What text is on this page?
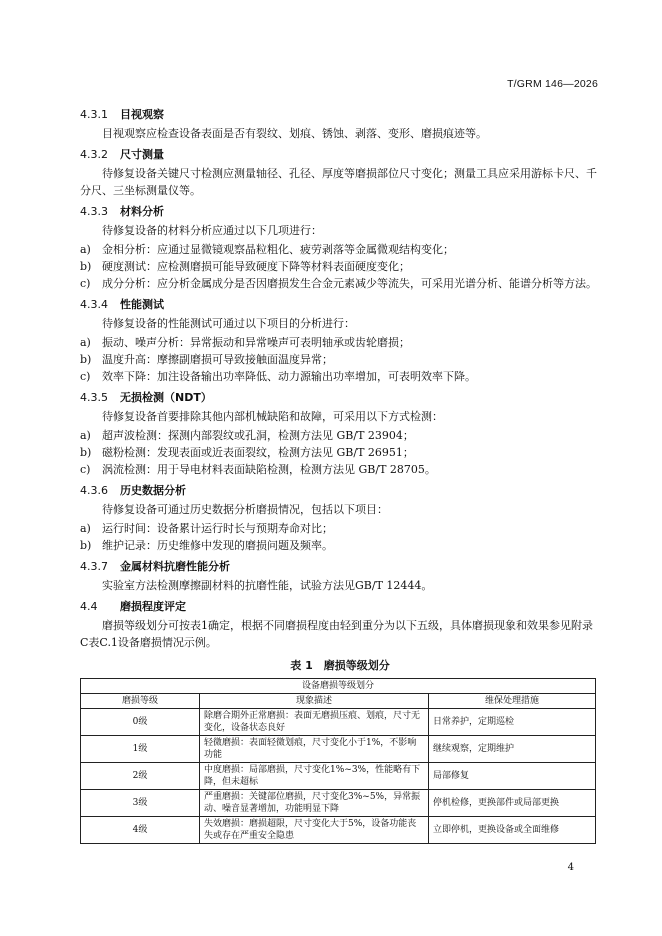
T/GRM 146—2026
4.3.1 目视观察
目视观察应检查设备表面是否有裂纹、划痕、锈蚀、剥落、变形、磨损痕迹等。
4.3.2 尺寸测量
待修复设备关键尺寸检测应测量轴径、孔径、厚度等磨损部位尺寸变化；测量工具应采用游标卡尺、千分尺、三坐标测量仪等。
4.3.3 材料分析
待修复设备的材料分析应通过以下几项进行：
a)	金相分析：应通过显微镜观察晶粒粗化、疲劳剥落等金属微观结构变化；
b) 硬度测试：应检测磨损可能导致硬度下降等材料表面硬度变化；
c)	成分分析：应分析金属成分是否因磨损发生合金元素减少等流失，可采用光谱分析、能谱分析等方法。
4.3.4 性能测试
待修复设备的性能测试可通过以下项目的分析进行：
a)	振动、噪声分析：异常振动和异常噪声可表明轴承或齿轮磨损；
b) 温度升高：摩擦副磨损可导致接触面温度异常；
c)	效率下降：加注设备输出功率降低、动力源输出功率增加，可表明效率下降。
4.3.5 无损检测（NDT）
待修复设备首要排除其他内部机械缺陷和故障，可采用以下方式检测：
a)	超声波检测：探测内部裂纹或孔洞，检测方法见 GB/T 23904；
b) 磁粉检测：发现表面或近表面裂纹，检测方法见 GB/T 26951；
c)	涡流检测：用于导电材料表面缺陷检测，检测方法见 GB/T 28705。
4.3.6 历史数据分析
待修复设备可通过历史数据分析磨损情况，包括以下项目：
a)	运行时间：设备累计运行时长与预期寿命对比；
b) 维护记录：历史维修中发现的磨损问题及频率。
4.3.7 金属材料抗磨性能分析
实验室方法检测摩擦副材料的抗磨性能，试验方法见GB/T 12444。
4.4 磨损程度评定
磨损等级划分可按表1确定，根据不同磨损程度由轻到重分为以下五级，具体磨损现象和效果参见附录C表C.1设备磨损情况示例。
表 1　磨损等级划分
设备磨损等级划分		
磨损等级	现象描述	维保处理措施
0级	除磨合期外正常磨损：表面无磨损压痕、划痕，尺寸无变化，设备状态良好	日常养护，定期巡检
1级	轻微磨损：表面轻微划痕，尺寸变化小于1%，不影响功能	继续观察，定期维护
2级	中度磨损：局部磨损，尺寸变化1%~3%，性能略有下降，但未超标	局部修复
3级	严重磨损：关键部位磨损，尺寸变化3%~5%，异常振动、噪音显著增加，功能明显下降	停机检修，更换部件或局部更换
4级	失效磨损：磨损超限，尺寸变化大于5%，设备功能丧失或存在严重安全隐患	立即停机，更换设备或全面维修
4
